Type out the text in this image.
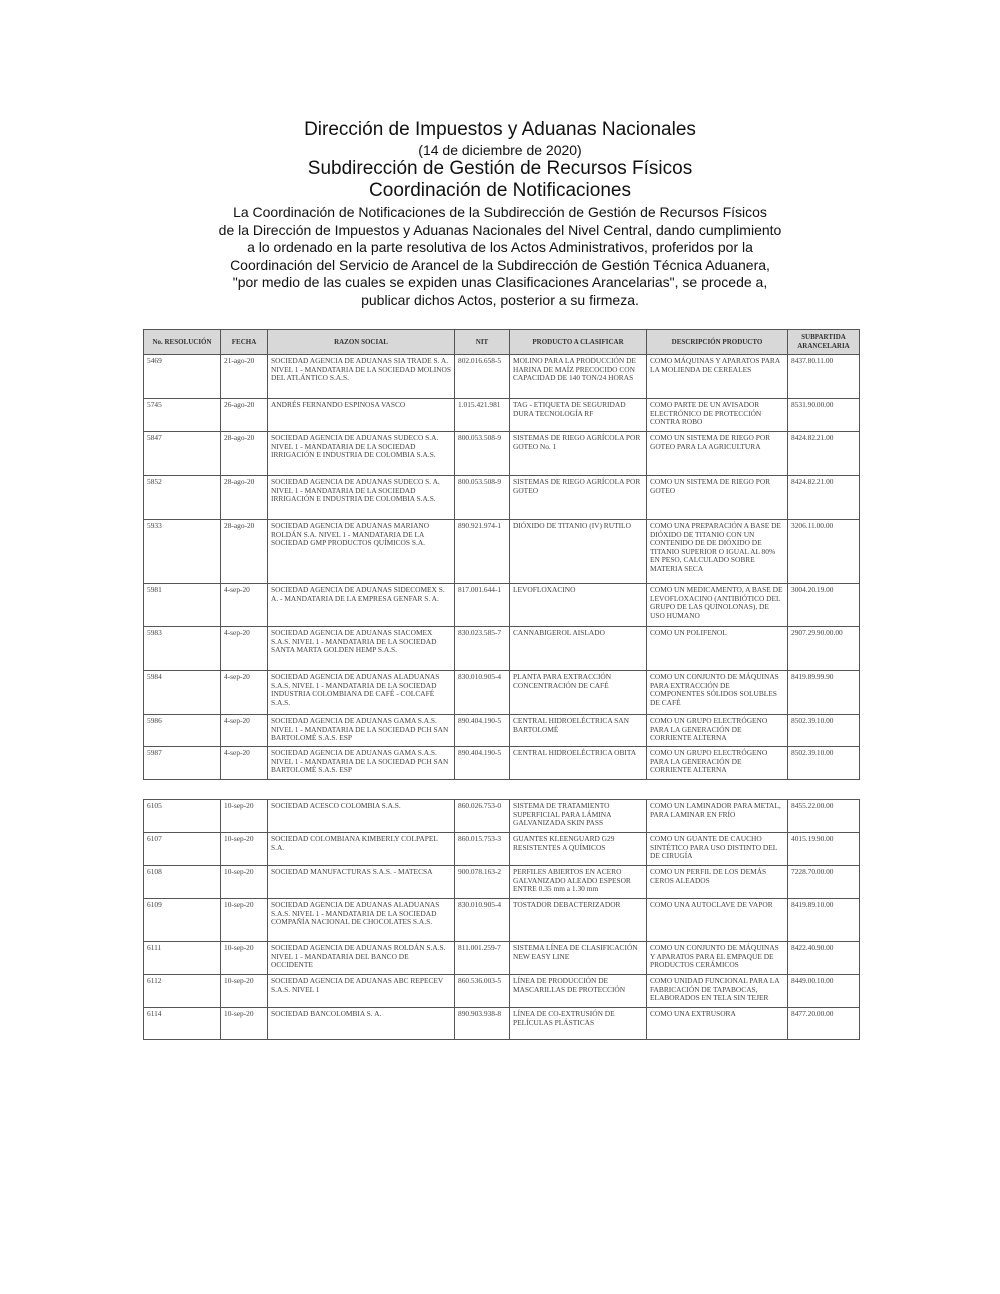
Dirección de Impuestos y Aduanas Nacionales
(14 de diciembre de 2020)
Subdirección de Gestión de Recursos Físicos
Coordinación de Notificaciones
La Coordinación de Notificaciones de la Subdirección de Gestión de Recursos Físicos
de la Dirección de Impuestos y Aduanas Nacionales del Nivel Central, dando cumplimiento
a lo ordenado en la parte resolutiva de los Actos Administrativos, proferidos por la
Coordinación del Servicio de Arancel de la Subdirección de Gestión Técnica Aduanera,
"por medio de las cuales se expiden unas Clasificaciones Arancelarias", se procede a,
publicar dichos Actos, posterior a su firmeza.
No. RESOLUCIÓN	FECHA	RAZON SOCIAL	NIT	PRODUCTO A CLASIFICAR	DESCRIPCIÓN PRODUCTO	SUBPARTIDA ARANCELARIA
5469	21-ago-20	SOCIEDAD AGENCIA DE ADUANAS SIA TRADE S. A. NIVEL 1 - MANDATARIA DE LA SOCIEDAD MOLINOS DEL ATLÁNTICO S.A.S.	802.016.658-5	MOLINO PARA LA PRODUCCIÓN DE HARINA DE MAÍZ PRECOCIDO CON CAPACIDAD DE 140 TON/24 HORAS	COMO MÁQUINAS Y APARATOS PARA LA MOLIENDA DE CEREALES	8437.80.11.00
5745	26-ago-20	ANDRÉS FERNANDO ESPINOSA VASCO	1.015.421.981	TAG - ETIQUETA DE SEGURIDAD DURA TECNOLOGÍA RF	COMO PARTE DE UN AVISADOR ELECTRÓNICO DE PROTECCIÓN CONTRA ROBO	8531.90.00.00
5847	28-ago-20	SOCIEDAD AGENCIA DE ADUANAS SUDECO S.A. NIVEL 1 - MANDATARIA DE LA SOCIEDAD IRRIGACIÓN E INDUSTRIA DE COLOMBIA S.A.S.	800.053.508-9	SISTEMAS DE RIEGO AGRÍCOLA POR GOTEO No. 1	COMO UN SISTEMA DE RIEGO POR GOTEO PARA LA AGRICULTURA	8424.82.21.00
5852	28-ago-20	SOCIEDAD AGENCIA DE ADUANAS SUDECO S. A. NIVEL 1 - MANDATARIA DE LA SOCIEDAD IRRIGACIÓN E INDUSTRIA DE COLOMBIA S.A.S.	800.053.508-9	SISTEMAS DE RIEGO AGRÍCOLA POR GOTEO	COMO UN SISTEMA DE RIEGO POR GOTEO	8424.82.21.00
5933	28-ago-20	SOCIEDAD AGENCIA DE ADUANAS MARIANO ROLDÁN S.A. NIVEL 1 - MANDATARIA DE LA SOCIEDAD GMP PRODUCTOS QUÍMICOS S.A.	890.921.974-1	DIÓXIDO DE TITANIO (IV) RUTILO	COMO UNA PREPARACIÓN A BASE DE DIÓXIDO DE TITANIO CON UN CONTENIDO DE DE DIÓXIDO DE TITANIO SUPERIOR O IGUAL AL 80% EN PESO, CALCULADO SOBRE MATERIA SECA	3206.11.00.00
5981	4-sep-20	SOCIEDAD AGENCIA DE ADUANAS SIDECOMEX S. A. - MANDATARIA DE LA EMPRESA GENFAR S. A.	817.001.644-1	LEVOFLOXACINO	COMO UN MEDICAMENTO, A BASE DE LEVOFLOXACINO (ANTIBIÓTICO DEL GRUPO DE LAS QUINOLONAS), DE USO HUMANO	3004.20.19.00
5983	4-sep-20	SOCIEDAD AGENCIA DE ADUANAS SIACOMEX S.A.S. NIVEL 1 - MANDATARIA DE LA SOCIEDAD SANTA MARTA GOLDEN HEMP S.A.S.	830.023.585-7	CANNABIGEROL AISLADO	COMO UN POLIFENOL	2907.29.90.00.00
5984	4-sep-20	SOCIEDAD AGENCIA DE ADUANAS ALADUANAS S.A.S. NIVEL 1 - MANDATARIA DE LA SOCIEDAD INDUSTRIA COLOMBIANA DE CAFÉ - COLCAFÉ S.A.S.	830.010.905-4	PLANTA PARA EXTRACCIÓN CONCENTRACIÓN DE CAFÉ	COMO UN CONJUNTO DE MÁQUINAS PARA EXTRACCIÓN DE COMPONENTES SÓLIDOS SOLUBLES DE CAFÉ	8419.89.99.90
5986	4-sep-20	SOCIEDAD AGENCIA DE ADUANAS GAMA S.A.S. NIVEL 1 - MANDATARIA DE LA SOCIEDAD PCH SAN BARTOLOMÉ S.A.S. ESP	890.404.190-5	CENTRAL HIDROELÉCTRICA SAN BARTOLOMÉ	COMO UN GRUPO ELECTRÓGENO PARA LA GENERACIÓN DE CORRIENTE ALTERNA	8502.39.10.00
5987	4-sep-20	SOCIEDAD AGENCIA DE ADUANAS GAMA S.A.S. NIVEL 1 - MANDATARIA DE LA SOCIEDAD PCH SAN BARTOLOMÉ S.A.S. ESP	890.404.190-5	CENTRAL HIDROELÉCTRICA OBITA	COMO UN GRUPO ELECTRÓGENO PARA LA GENERACIÓN DE CORRIENTE ALTERNA	8502.39.10.00
6105	10-sep-20	SOCIEDAD ACESCO COLOMBIA S.A.S.	860.026.753-0	SISTEMA DE TRATAMIENTO SUPERFICIAL PARA LÁMINA GALVANIZADA SKIN PASS	COMO UN LAMINADOR PARA METAL, PARA LAMINAR EN FRÍO	8455.22.00.00
6107	10-sep-20	SOCIEDAD COLOMBIANA KIMBERLY COLPAPEL S.A.	860.015.753-3	GUANTES KLEENGUARD G29 RESISTENTES A QUÍMICOS	COMO UN GUANTE DE CAUCHO SINTÉTICO PARA USO DISTINTO DEL DE CIRUGÍA	4015.19.90.00
6108	10-sep-20	SOCIEDAD MANUFACTURAS S.A.S. - MATECSA	900.078.163-2	PERFILES ABIERTOS EN ACERO GALVANIZADO ALEADO ESPESOR ENTRE 0.35 mm a 1.30 mm	COMO UN PERFIL DE LOS DEMÁS CEROS ALEADOS	7228.70.00.00
6109	10-sep-20	SOCIEDAD AGENCIA DE ADUANAS ALADUANAS S.A.S. NIVEL 1 - MANDATARIA DE LA SOCIEDAD COMPAÑÍA NACIONAL DE CHOCOLATES S.A.S.	830.010.905-4	TOSTADOR DEBACTERIZADOR	COMO UNA AUTOCLAVE DE VAPOR	8419.89.10.00
6111	10-sep-20	SOCIEDAD AGENCIA DE ADUANAS ROLDÁN S.A.S. NIVEL 1 - MANDATARIA DEL BANCO DE OCCIDENTE	811.001.259-7	SISTEMA LÍNEA DE CLASIFICACIÓN NEW EASY LINE	COMO UN CONJUNTO DE MÁQUINAS Y APARATOS PARA EL EMPAQUE DE PRODUCTOS CERÁMICOS	8422.40.90.00
6112	10-sep-20	SOCIEDAD AGENCIA DE ADUANAS ABC REPECEV S.A.S. NIVEL 1	860.536.003-5	LÍNEA DE PRODUCCIÓN DE MASCARILLAS DE PROTECCIÓN	COMO UNIDAD FUNCIONAL PARA LA FABRICACIÓN DE TAPABOCAS, ELABORADOS EN TELA SIN TEJER	8449.00.10.00
6114	10-sep-20	SOCIEDAD BANCOLOMBIA S. A.	890.903.938-8	LÍNEA DE CO-EXTRUSIÓN DE PELÍCULAS PLÁSTICAS	COMO UNA EXTRUSORA	8477.20.00.00
